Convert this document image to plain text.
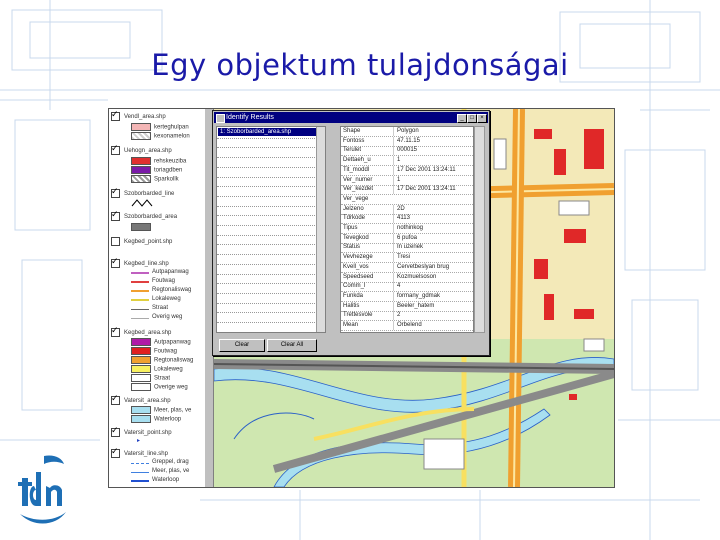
Egy objektum tulajdonságai
✓Vendl_area.shp
kerteghulpan
kexonamelon
✓Uehogn_area.shp
rehskeuziba
toriagdben
Sparkollk
✓Szoborbarded_line
✓Szoborbarded_area
Kegbed_point.shp
✓Kegbed_line.shp
Autpapanwag
Foutwag
Regtonaliswag
Lokaleweg
Straat
Overig weg
✓Kegbed_area.shp
Autpapanwag
Foutwag
Regtonaliswag
Lokaleweg
Straat
Overige weg
✓Vatersit_area.shp
Meer, plas, ve
Waterloop
✓Vatersit_point.shp
▸
✓Vatersit_line.shp
Greppel, drag
Meer, plas, ve
Waterloop
Identify Results	_	□	×
1: Szoborbarded_area.shp	Shape	Polygon
Fontoss	47.11.15
Terulet	000015
Dettaeh_u	1
Tit_moddl	17 Dec 2001 13:24:11
Ver_numer	1
Ver_kezdet	17 Dec 2001 13:24:11
Ver_vege
Jelzeno	2D
Tdrkode	4113
Tipus	nothinkog
Tevegkod	6 pufoa
Status	In uzenek
Vevhezege	Tresi
Kvell_vos	Cervetbeslyan brug
Speedseed	Kozmuelsoson
Comm_l	4
Funkda	formany_gdmak
Halitis	Beeler_hatem
Trettesvole	2
Mean	Orbelend
Clear	Clear All
